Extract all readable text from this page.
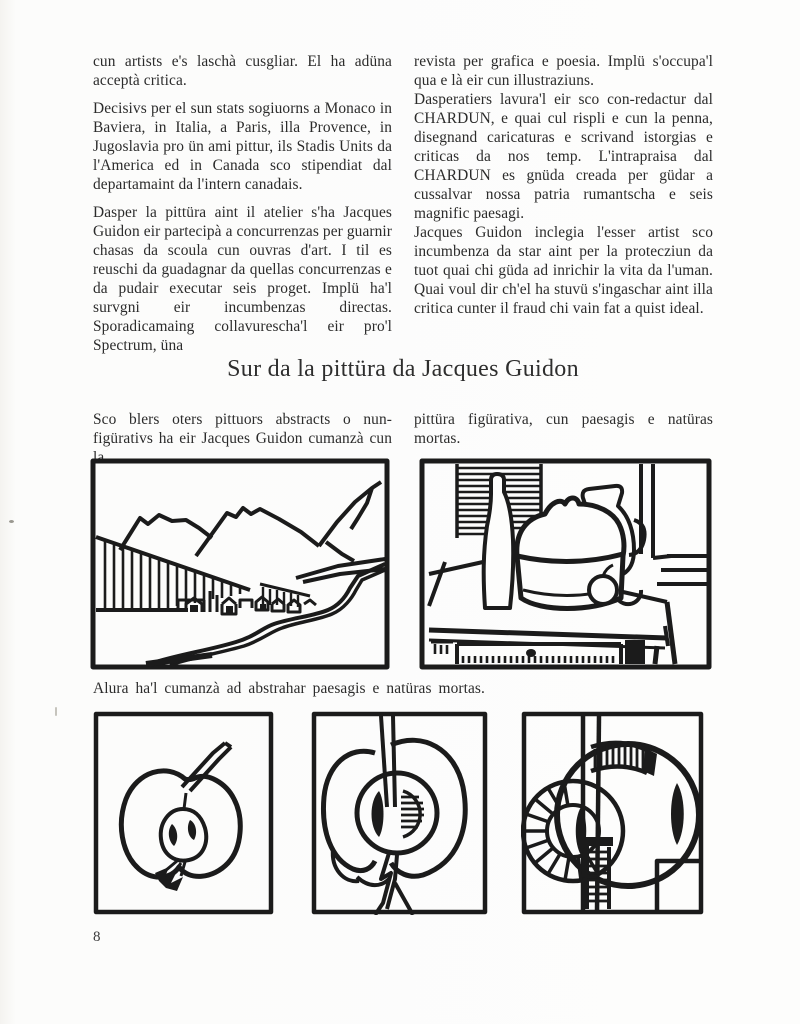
cun artists e's laschà cusgliar. El ha adüna acceptà critica.

Decisivs per el sun stats sogiuorns a Monaco in Baviera, in Italia, a Paris, illa Provence, in Jugoslavia pro ün ami pittur, ils Stadis Units da l'America ed in Canada sco stipendiat dal departamaint da l'intern canadais.

Dasper la pittüra aint il atelier s'ha Jacques Guidon eir partecipà a concurrenzas per guarnir chasas da scoula cun ouvras d'art. I til es reuschi da guadagnar da quellas concurrenzas e da pudair executar seis proget. Implü ha'l survgni eir incumbenzas directas. Sporadicamaing collavurescha'l eir pro'l Spectrum, üna

revista per grafica e poesia. Implü s'occupa'l qua e là eir cun illustraziuns.

Dasperatiers lavura'l eir sco con-redactur dal CHARDUN, e quai cul rispli e cun la penna, disegnand caricaturas e scrivand istorgias e criticas da nos temp. L'intrapraisa dal CHARDUN es gnüda creada per güdar a cussalvar nossa patria rumantscha e seis magnific paesagi.

Jacques Guidon inclegia l'esser artist sco incumbenza da star aint per la protecziun da tuot quai chi güda ad inrichir la vita da l'uman. Quai voul dir ch'el ha stuvü s'ingaschar aint illa critica cunter il fraud chi vain fat a quist ideal.

Sur da la pittüra da Jacques Guidon

Sco blers oters pittuors abstracts o nun-figürativs ha eir Jacques Guidon cumanzà cun la

pittüra figürativa, cun paesagis e natüras mortas.

Alura ha'l cumanzà ad abstrahar paesagis e natüras mortas.
8
